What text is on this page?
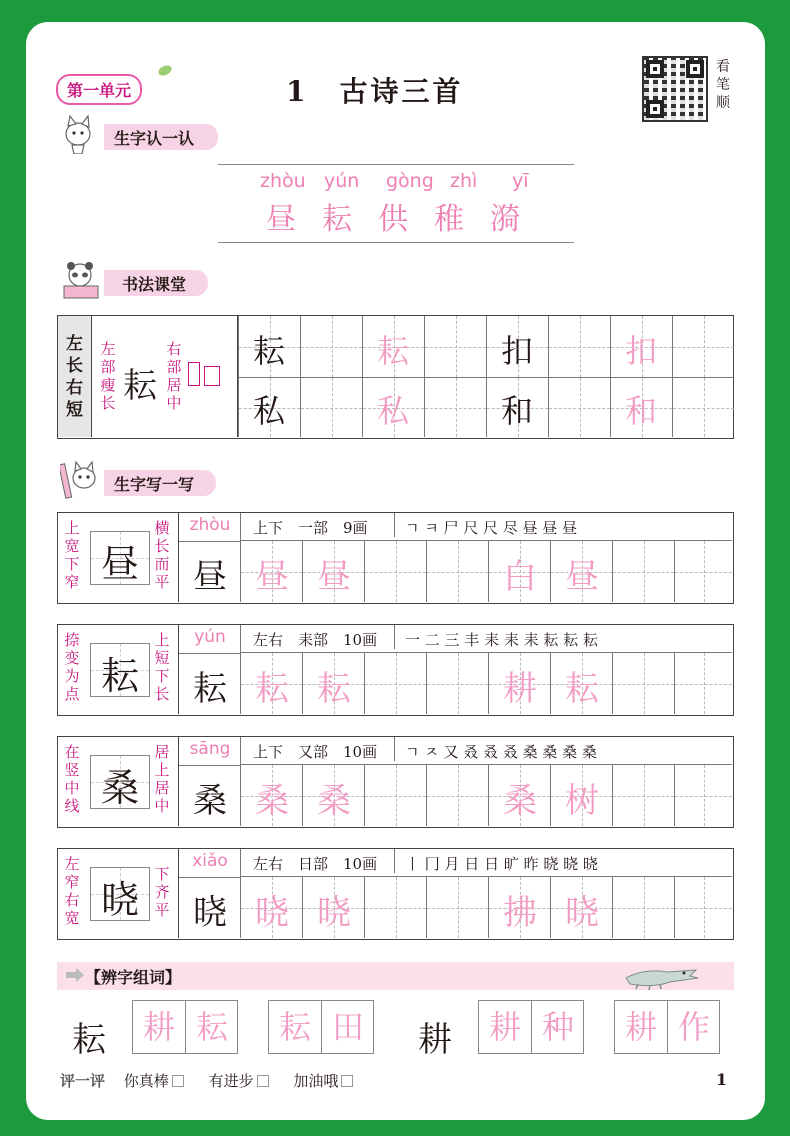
第一单元	1　古诗三首
看笔顺
生字认一认
zhòu yún gòng zhì yī
昼 耘 供 稚 漪
书法课堂
左长右短
左部瘦长 耘
右部居中
耘	耘	扣	扣
私	私	和	和
生字写一写
上宽下窄 昼
横长而平
zhòu
昼
上下　一部　9画	ㄱ ㅋ 尸 尺 尺 尽 昼 昼 昼
昼 昼	白 昼
捺变为点 耘
上短下长
yún
耘
左右　耒部　10画	一 二 三 丰 耒 耒 耒 耘 耘 耘
耘 耘	耕 耘
在竖中线 桑
居上居中
sāng
桑
上下　又部　10画	ㄱ ㅈ 又 叒 叒 叒 桑 桑 桑 桑
桑 桑	桑 树
左窄右宽 晓
下齐平
xiǎo
晓
左右　日部　10画	丨 冂 月 日 日 旷 昨 晓 晓 晓
晓 晓	拂 晓
【辨字组词】
耘	耕 耘	耘 田 耕	耕 种	耕 作
评一评 你真棒	有进步	加油哦	1
